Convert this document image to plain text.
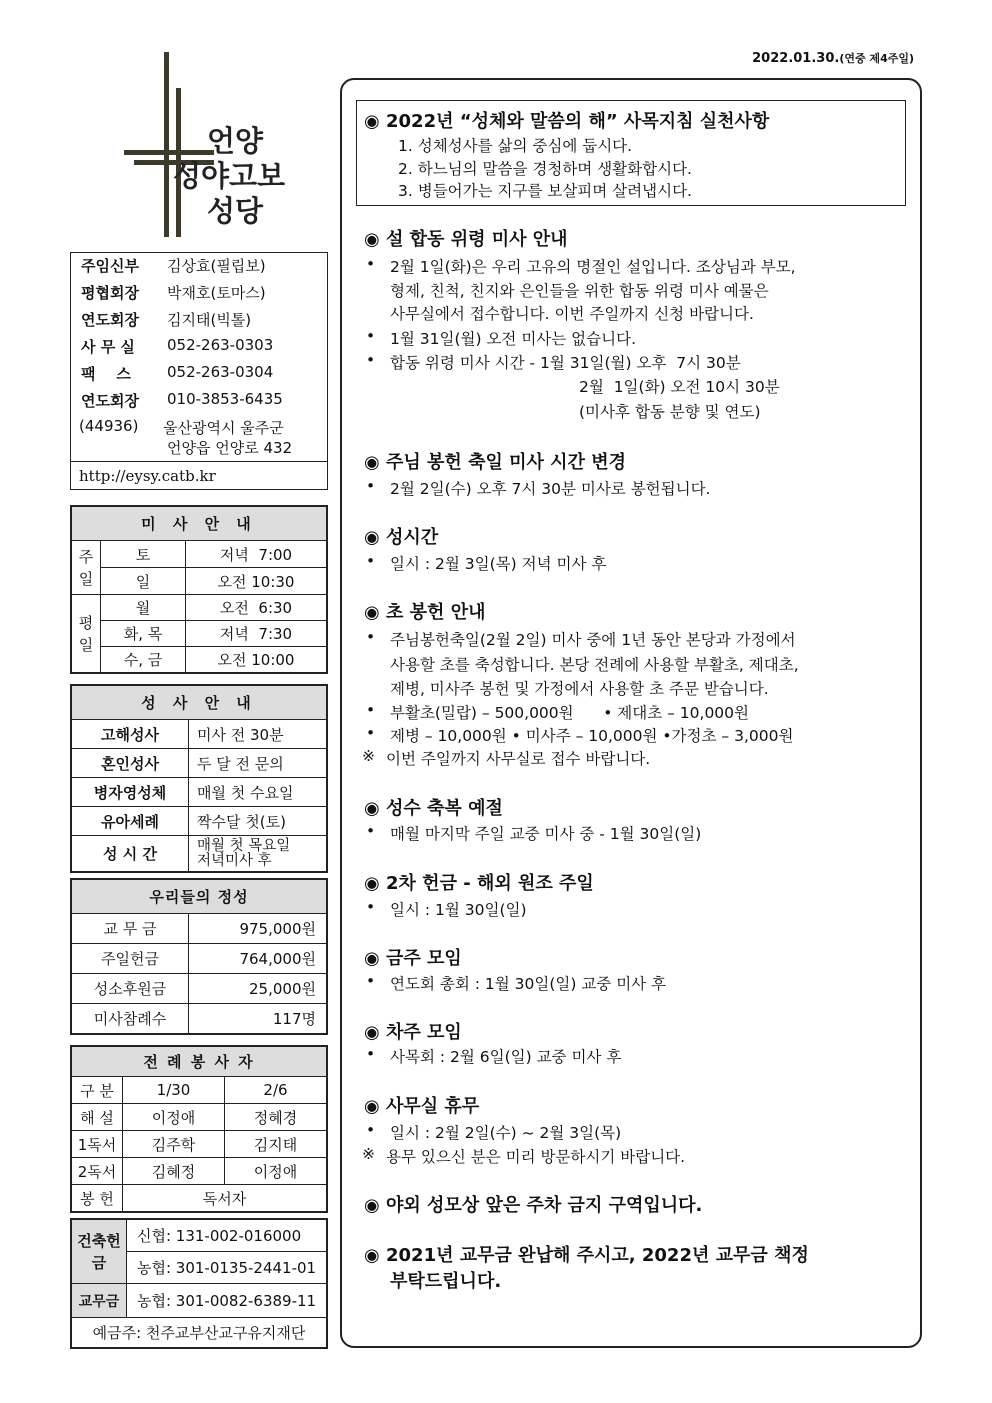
2022.01.30.(연중 제4주일)
언양
성야고보
성당
주임신부 김상효(필립보)
평협회장 박재호(토마스)
연도회장 김지태(빅톨)
사 무 실 052-263-0303
팩    스 052-263-0304
연도회장 010-3853-6435
(44936) 울산광역시 울주군
언양읍 언양로 432
http://eysy.catb.kr
미 사 안 내		
주일	토	저녁  7:00
	일	오전 10:30
평일	월	오전  6:30
	화, 목	저녁  7:30
	수, 금	오전 10:00
성 사 안 내	
고해성사	미사 전 30분
혼인성사	두 달 전 문의
병자영성체	매월 첫 수요일
유아세례	짝수달 첫(토)
성 시 간	매월 첫 목요일
저녁미사 후
우리들의 정성	
교 무 금	975,000원
주일헌금	764,000원
성소후원금	25,000원
미사참례수	117명
전 례 봉 사 자		
구 분	1/30	2/6
해 설	이정애	정혜경
1독서	김주학	김지태
2독서	김혜정	이정애
봉 헌	독서자	
건축헌금	신협: 131-002-016000
	농협: 301-0135-2441-01
교무금	농협: 301-0082-6389-11
예금주: 천주교부산교구유지재단	
◉ 2022년 “성체와 말씀의 해” 사목지침 실천사항
1. 성체성사를 삶의 중심에 둡시다.
2. 하느님의 말씀을 경청하며 생활화합시다.
3. 병들어가는 지구를 보살피며 살려냅시다.
◉ 설 합동 위령 미사 안내
• 2월 1일(화)은 우리 고유의 명절인 설입니다. 조상님과 부모,
형제, 친척, 친지와 은인들을 위한 합동 위령 미사 예물은
사무실에서 접수합니다. 이번 주일까지 신청 바랍니다.
• 1월 31일(월) 오전 미사는 없습니다.
• 합동 위령 미사 시간 - 1월 31일(월) 오후  7시 30분
2월  1일(화) 오전 10시 30분
(미사후 합동 분향 및 연도)
◉ 주님 봉헌 축일 미사 시간 변경
• 2월 2일(수) 오후 7시 30분 미사로 봉헌됩니다.
◉ 성시간
• 일시 : 2월 3일(목) 저녁 미사 후
◉ 초 봉헌 안내
• 주님봉헌축일(2월 2일) 미사 중에 1년 동안 본당과 가정에서
사용할 초를 축성합니다. 본당 전례에 사용할 부활초, 제대초,
제병, 미사주 봉헌 및 가정에서 사용할 초 주문 받습니다.
• 부활초(밀랍) – 500,000원      • 제대초 – 10,000원
• 제병 – 10,000원 • 미사주 – 10,000원 •가정초 – 3,000원
※ 이번 주일까지 사무실로 접수 바랍니다.
◉ 성수 축복 예절
• 매월 마지막 주일 교중 미사 중 - 1월 30일(일)
◉ 2차 헌금 - 해외 원조 주일
• 일시 : 1월 30일(일)
◉ 금주 모임
• 연도회 총회 : 1월 30일(일) 교중 미사 후
◉ 차주 모임
• 사목회 : 2월 6일(일) 교중 미사 후
◉ 사무실 휴무
• 일시 : 2월 2일(수) ~ 2월 3일(목)
※ 용무 있으신 분은 미리 방문하시기 바랍니다.
◉ 야외 성모상 앞은 주차 금지 구역입니다.
◉ 2021년 교무금 완납해 주시고, 2022년 교무금 책정
부탁드립니다.
